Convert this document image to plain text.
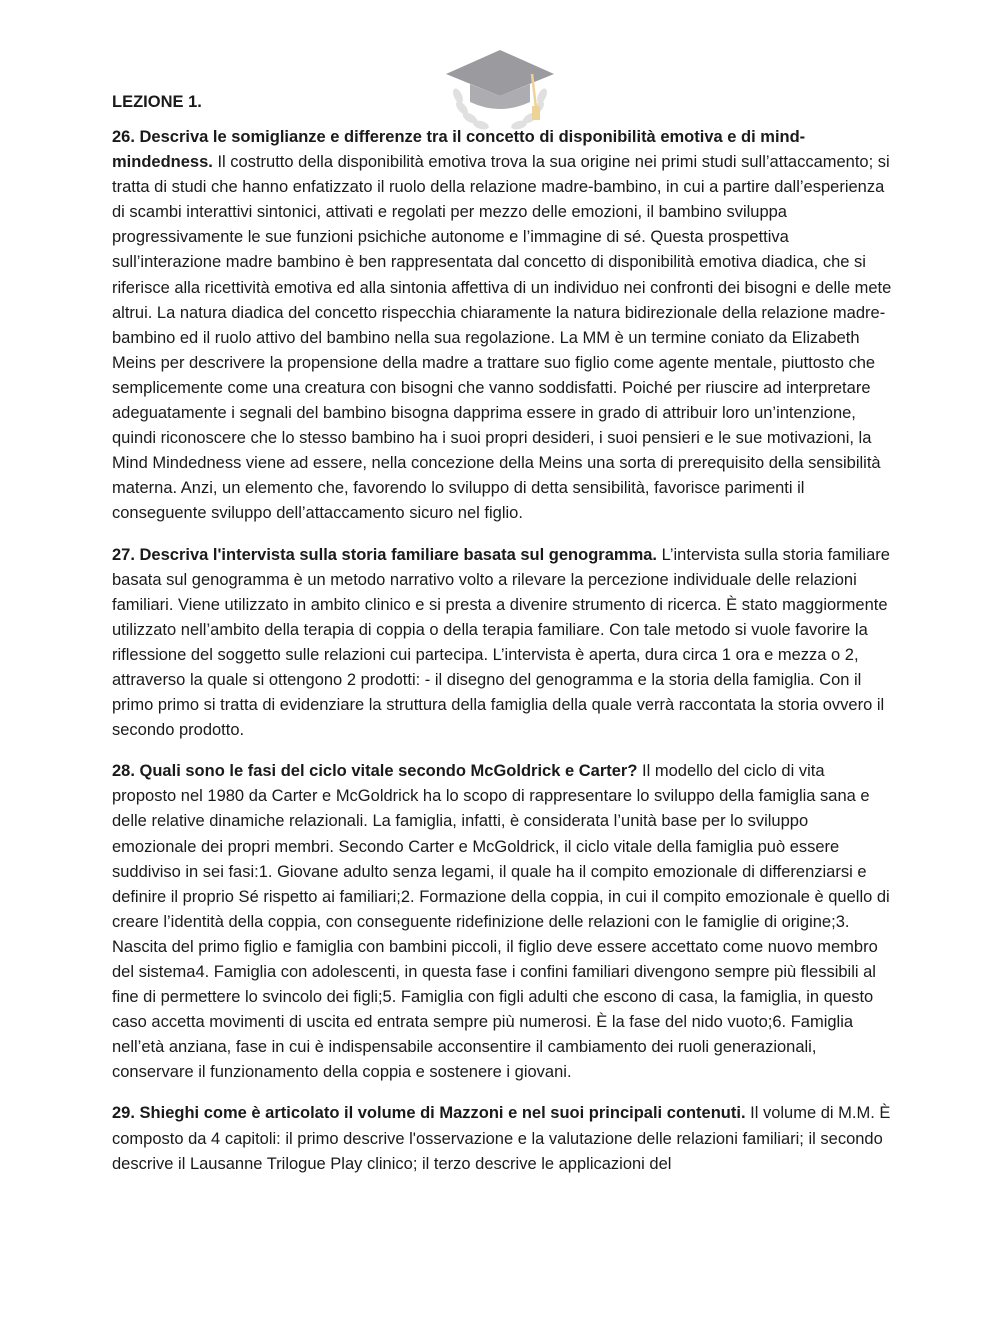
LEZIONE 1.

26. Descriva le somiglianze e differenze tra il concetto di disponibilità emotiva e di mind-mindedness. Il costrutto della disponibilità emotiva trova la sua origine nei primi studi sull’attaccamento; si tratta di studi che hanno enfatizzato il ruolo della relazione madre-bambino, in cui a partire dall’esperienza di scambi interattivi sintonici, attivati e regolati per mezzo delle emozioni, il bambino sviluppa progressivamente le sue funzioni psichiche autonome e l’immagine di sé. Questa prospettiva sull’interazione madre bambino è ben rappresentata dal concetto di disponibilità emotiva diadica, che si riferisce alla ricettività emotiva ed alla sintonia affettiva di un individuo nei confronti dei bisogni e delle mete altrui. La natura diadica del concetto rispecchia chiaramente la natura bidirezionale della relazione madre-bambino ed il ruolo attivo del bambino nella sua regolazione. La MM è un termine coniato da Elizabeth Meins per descrivere la propensione della madre a trattare suo figlio come agente mentale, piuttosto che semplicemente come una creatura con bisogni che vanno soddisfatti. Poiché per riuscire ad interpretare adeguatamente i segnali del bambino bisogna dapprima essere in grado di attribuir loro un’intenzione, quindi riconoscere che lo stesso bambino ha i suoi propri desideri, i suoi pensieri e le sue motivazioni, la Mind Mindedness viene ad essere, nella concezione della Meins una sorta di prerequisito della sensibilità materna. Anzi, un elemento che, favorendo lo sviluppo di detta sensibilità, favorisce parimenti il conseguente sviluppo dell’attaccamento sicuro nel figlio.

27. Descriva l'intervista sulla storia familiare basata sul genogramma. L’intervista sulla storia familiare basata sul genogramma è un metodo narrativo volto a rilevare la percezione individuale delle relazioni familiari. Viene utilizzato in ambito clinico e si presta a divenire strumento di ricerca. È stato maggiormente utilizzato nell’ambito della terapia di coppia o della terapia familiare. Con tale metodo si vuole favorire la riflessione del soggetto sulle relazioni cui partecipa. L’intervista è aperta, dura circa 1 ora e mezza o 2, attraverso la quale si ottengono 2 prodotti: - il disegno del genogramma e la storia della famiglia. Con il primo primo si tratta di evidenziare la struttura della famiglia della quale verrà raccontata la storia ovvero il secondo prodotto.

28. Quali sono le fasi del ciclo vitale secondo McGoldrick e Carter? Il modello del ciclo di vita proposto nel 1980 da Carter e McGoldrick ha lo scopo di rappresentare lo sviluppo della famiglia sana e delle relative dinamiche relazionali. La famiglia, infatti, è considerata l’unità base per lo sviluppo emozionale dei propri membri. Secondo Carter e McGoldrick, il ciclo vitale della famiglia può essere suddiviso in sei fasi:1. Giovane adulto senza legami, il quale ha il compito emozionale di differenziarsi e definire il proprio Sé rispetto ai familiari;2. Formazione della coppia, in cui il compito emozionale è quello di creare l’identità della coppia, con conseguente ridefinizione delle relazioni con le famiglie di origine;3. Nascita del primo figlio e famiglia con bambini piccoli, il figlio deve essere accettato come nuovo membro del sistema4. Famiglia con adolescenti, in questa fase i confini familiari divengono sempre più flessibili al fine di permettere lo svincolo dei figli;5. Famiglia con figli adulti che escono di casa, la famiglia, in questo caso accetta movimenti di uscita ed entrata sempre più numerosi. È la fase del nido vuoto;6. Famiglia nell’età anziana, fase in cui è indispensabile acconsentire il cambiamento dei ruoli generazionali, conservare il funzionamento della coppia e sostenere i giovani.

29. Shieghi come è articolato il volume di Mazzoni e nel suoi principali contenuti. Il volume di M.M. È composto da 4 capitoli: il primo descrive l'osservazione e la valutazione delle relazioni familiari; il secondo descrive il Lausanne Trilogue Play clinico; il terzo descrive le applicazioni del
